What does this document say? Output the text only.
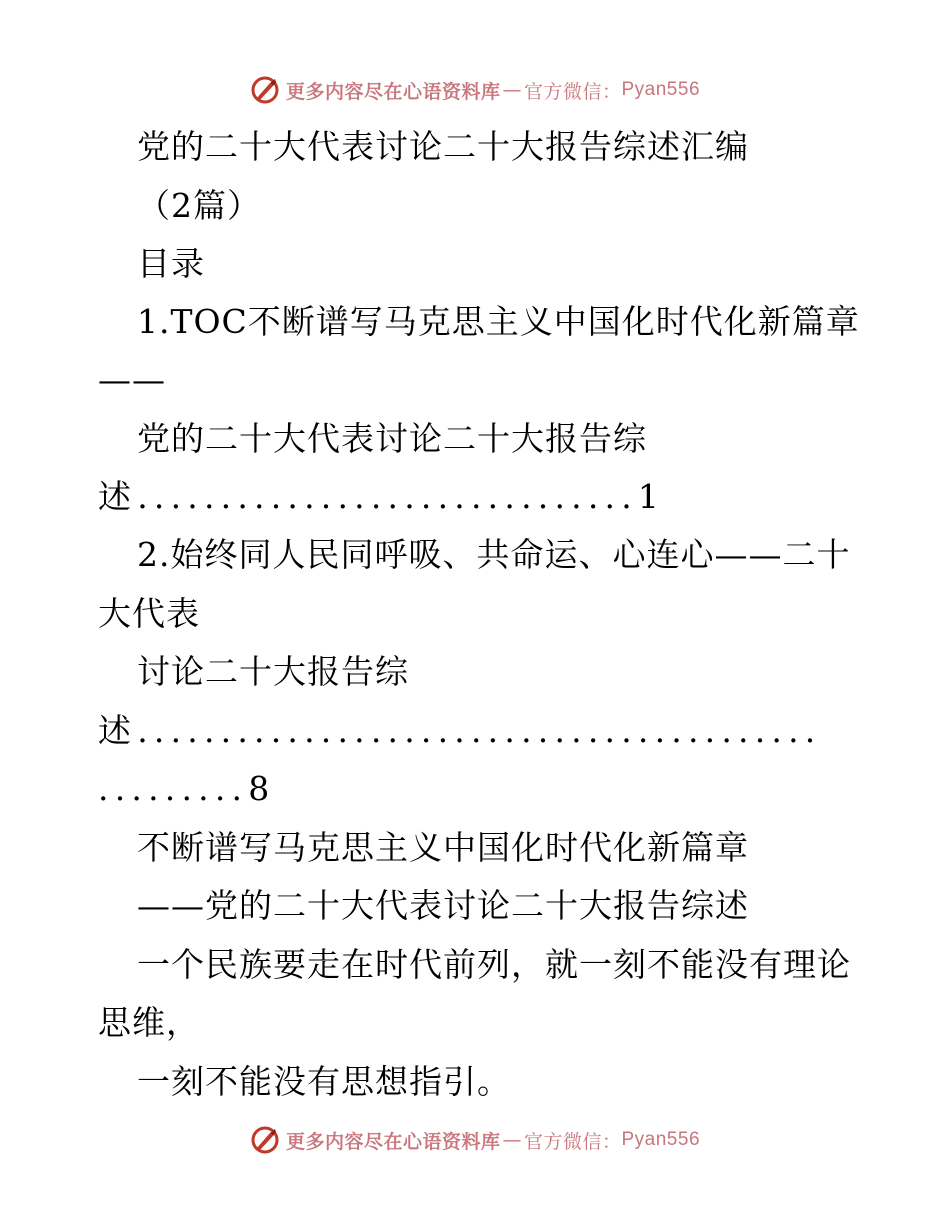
更多内容尽在心语资料库 — 官方微信： Pyan556
党的二十大代表讨论二十大报告综述汇编
（2篇）
目录
1.TOC不断谱写马克思主义中国化时代化新篇章
——
党的二十大代表讨论二十大报告综
述..............................1
2.始终同人民同呼吸、共命运、心连心——二十
大代表
讨论二十大报告综
述.........................................
.........8
不断谱写马克思主义中国化时代化新篇章
——党的二十大代表讨论二十大报告综述
一个民族要走在时代前列，就一刻不能没有理论
思维，
一刻不能没有思想指引。
更多内容尽在心语资料库 — 官方微信： Pyan556
